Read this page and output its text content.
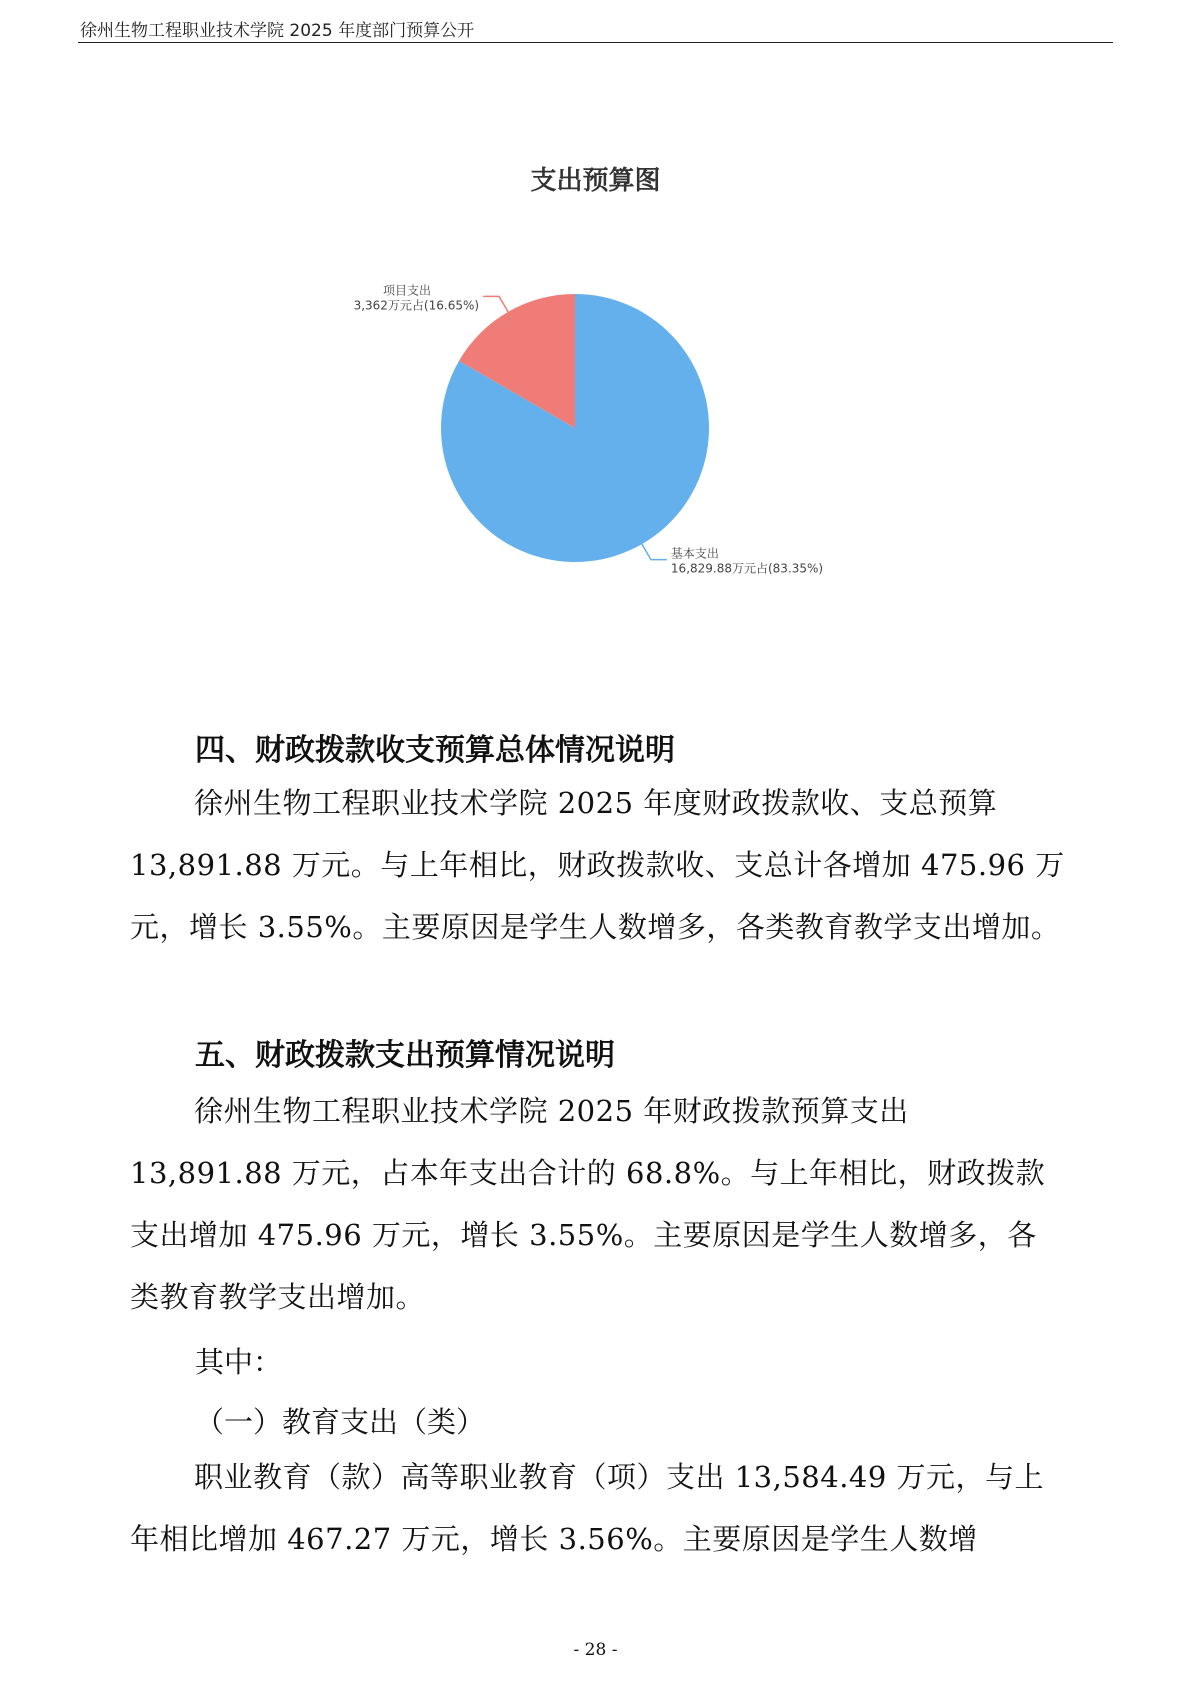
徐州生物工程职业技术学院 2025 年度部门预算公开
支出预算图
基本支出
16,829.88万元占(83.35%)
项目支出
3,362万元占(16.65%)
四、财政拨款收支预算总体情况说明
徐州生物工程职业技术学院 2025 年度财政拨款收、支总预算 13,891.88 万元。与上年相比，财政拨款收、支总计各增加 475.96 万元，增长 3.55%。主要原因是学生人数增多，各类教育教学支出增加。
五、财政拨款支出预算情况说明
徐州生物工程职业技术学院 2025 年财政拨款预算支出 13,891.88 万元，占本年支出合计的 68.8%。与上年相比，财政拨款支出增加 475.96 万元，增长 3.55%。主要原因是学生人数增多，各类教育教学支出增加。
其中：
（一）教育支出（类）
职业教育（款）高等职业教育（项）支出 13,584.49 万元，与上年相比增加 467.27 万元，增长 3.56%。主要原因是学生人数增
- 28 -
